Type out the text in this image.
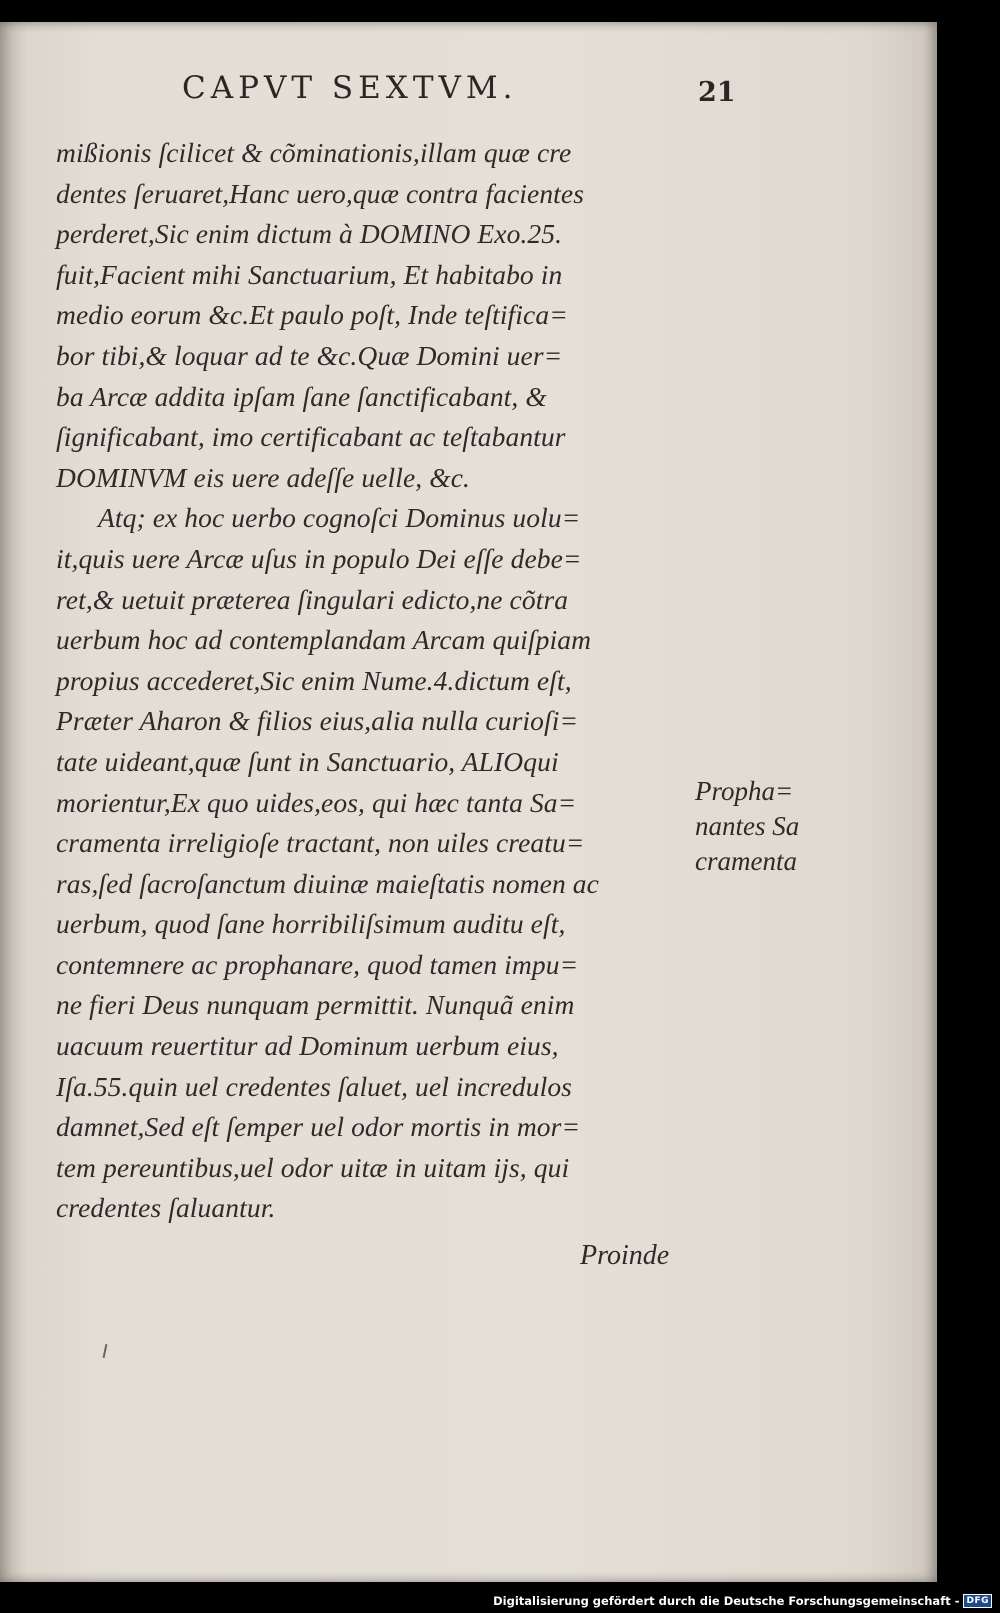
CAPVT SEXTVM.	21
mißionis ſcilicet & cõminationis,illam quæ cre
dentes ſeruaret,Hanc uero,quæ contra facientes
perderet,Sic enim dictum à DOMINO Exo.25.
fuit,Facient mihi Sanctuarium, Et habitabo in
medio eorum &c.Et paulo poſt, Inde teſtifica=
bor tibi,& loquar ad te &c.Quæ Domini uer=
ba Arcæ addita ipſam ſane ſanctificabant, &
ſignificabant, imo certificabant ac teſtabantur
DOMINVM eis uere adeſſe uelle, &c.
Atq; ex hoc uerbo cognoſci Dominus uolu=
it,quis uere Arcæ uſus in populo Dei eſſe debe=
ret,& uetuit præterea ſingulari edicto,ne cõtra
uerbum hoc ad contemplandam Arcam quiſpiam
propius accederet,Sic enim Nume.4.dictum eſt,
Præter Aharon & filios eius,alia nulla curioſi=
tate uideant,quæ ſunt in Sanctuario, ALIOqui
morientur,Ex quo uides,eos, qui hæc tanta Sa=
cramenta irreligioſe tractant, non uiles creatu=
ras,ſed ſacroſanctum diuinæ maieſtatis nomen ac
uerbum, quod ſane horribiliſsimum auditu eſt,
contemnere ac prophanare, quod tamen impu=
ne fieri Deus nunquam permittit. Nunquã enim
uacuum reuertitur ad Dominum uerbum eius,
Iſa.55.quin uel credentes ſaluet, uel incredulos
damnet,Sed eſt ſemper uel odor mortis in mor=
tem pereuntibus,uel odor uitæ in uitam ijs, qui
credentes ſaluantur.
Propha=
nantes Sa
cramenta
Proinde
Digitalisierung gefördert durch die Deutsche Forschungsgemeinschaft - DFG
